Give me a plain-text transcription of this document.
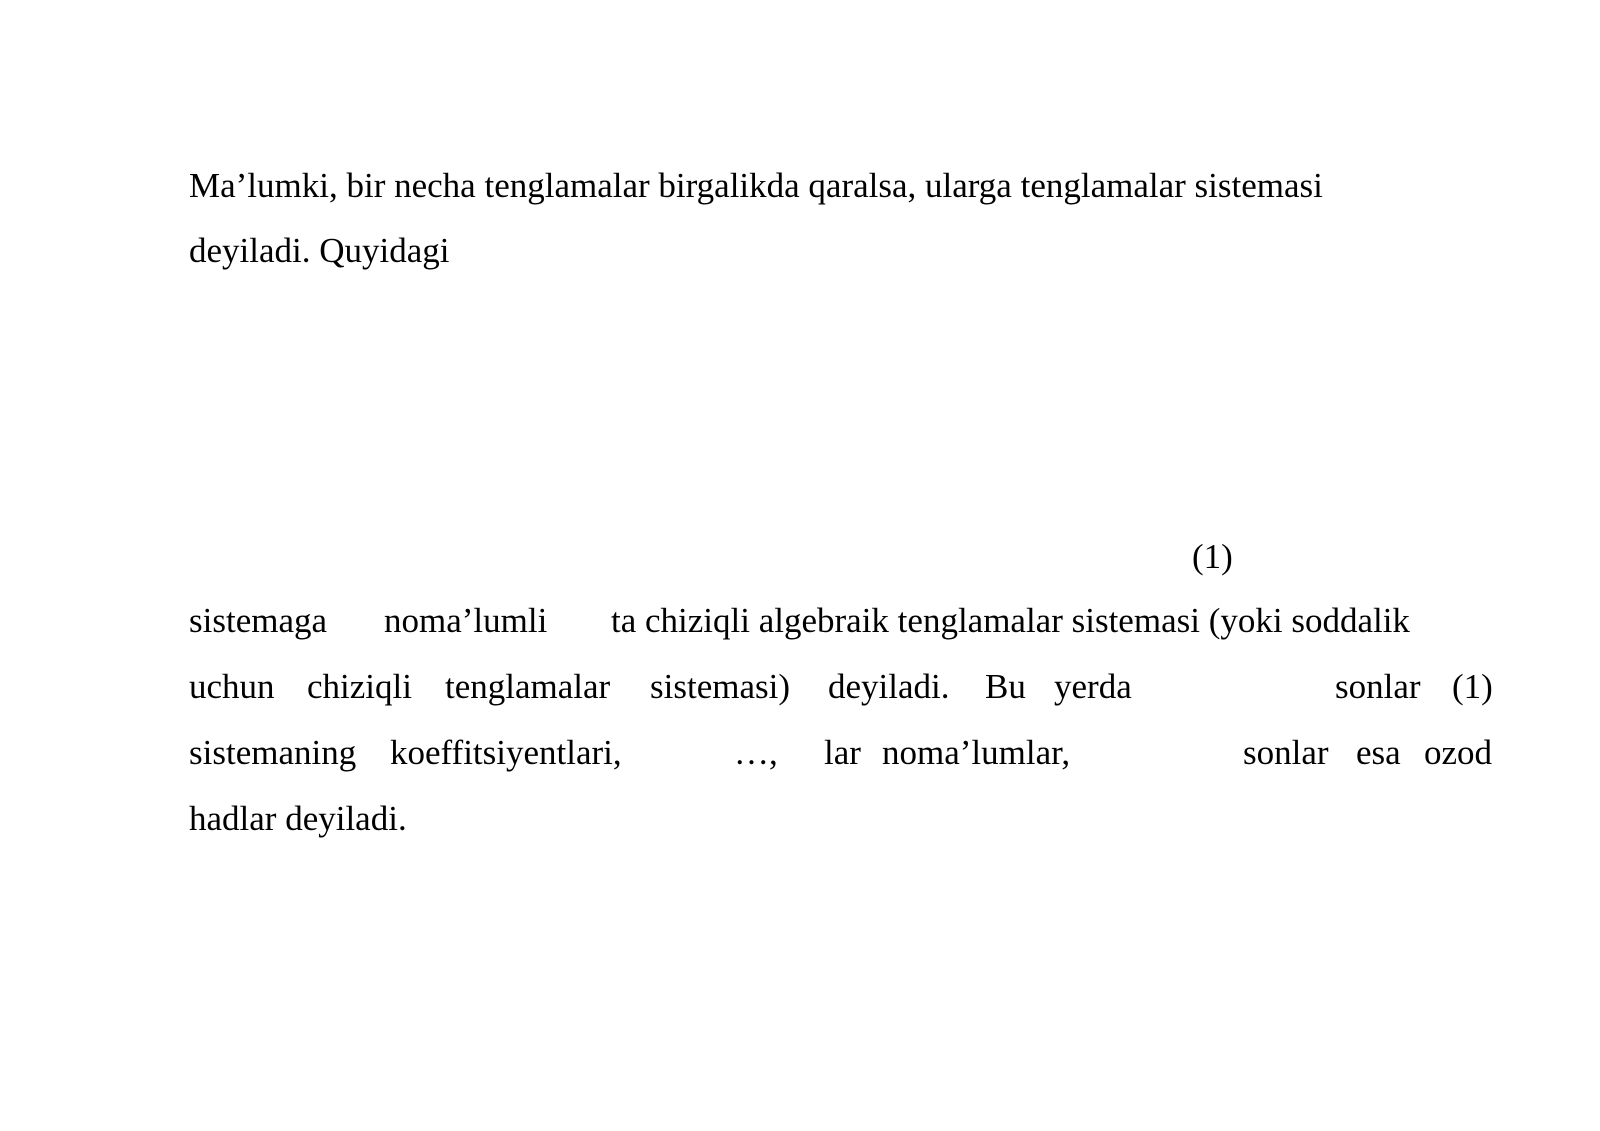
Ma’lumki, bir necha tenglamalar birgalikda qaralsa, ularga tenglamalar sistemasi
deyiladi. Quyidagi
(1)
sistemaga noma’lumli ta chiziqli algebraik tenglamalar sistemasi (yoki soddalik
uchun chiziqli tenglamalar sistemasi) deyiladi. Bu yerda	sonlar (1)
sistemaning koeffitsiyentlari,	…, lar noma’lumlar,	sonlar esa ozod
hadlar deyiladi.
